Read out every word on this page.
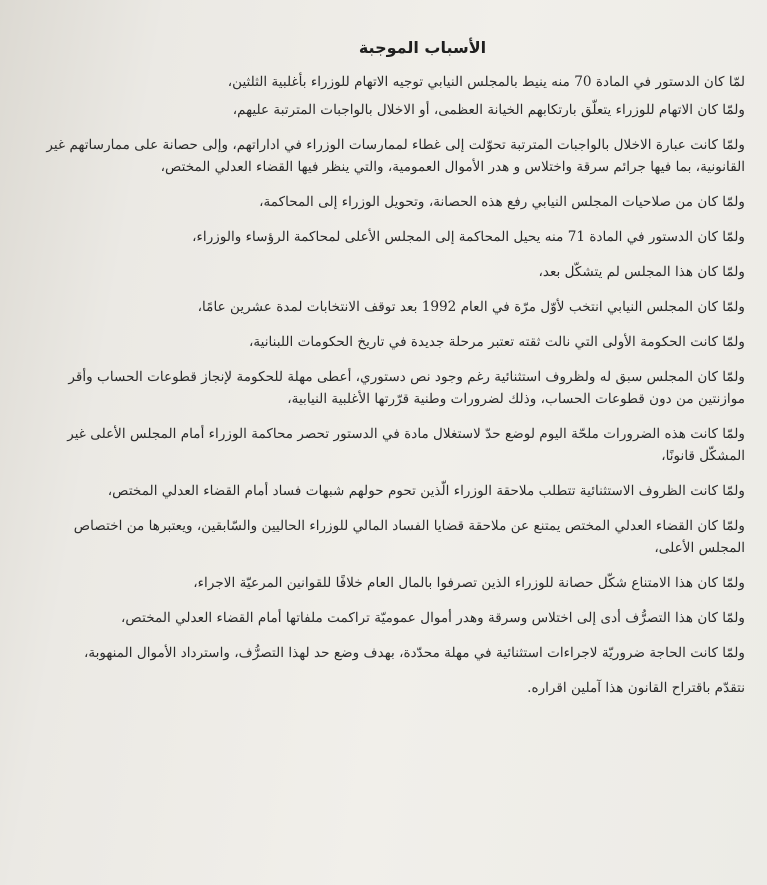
الأسباب الموجبة

لمّا كان الدستور في المادة 70 منه ينيط بالمجلس النيابي توجيه الاتهام للوزراء بأغلبية الثلثين،

ولمّا كان الاتهام للوزراء يتعلّق بارتكابهم الخيانة العظمى، أو الاخلال بالواجبات المترتبة عليهم،

ولمّا كانت عبارة الاخلال بالواجبات المترتبة تحوّلت إلى غطاء لممارسات الوزراء في اداراتهم، وإلى حصانة على ممارساتهم غير القانونية، بما فيها جرائم سرقة واختلاس و هدر الأموال العمومية، والتي ينظر فيها القضاء العدلي المختص،

ولمّا كان من صلاحيات المجلس النيابي رفع هذه الحصانة، وتحويل الوزراء إلى المحاكمة،

ولمّا كان الدستور في المادة 71 منه يحيل المحاكمة إلى المجلس الأعلى لمحاكمة الرؤساء والوزراء،

ولمّا كان هذا المجلس لم يتشكّل بعد،

ولمّا كان المجلس النيابي انتخب لأوّل مرّة في العام 1992 بعد توقف الانتخابات لمدة عشرين عامًا،

ولمّا كانت الحكومة الأولى التي نالت ثقته تعتبر مرحلة جديدة في تاريخ الحكومات اللبنانية،

ولمّا كان المجلس سبق له ولظروف استثنائية رغم وجود نص دستوري، أعطى مهلة للحكومة لإنجاز قطوعات الحساب وأقر موازنتين من دون قطوعات الحساب، وذلك لضرورات وطنية قرّرتها الأغلبية النيابية،

ولمّا كانت هذه الضرورات ملحّة اليوم لوضع حدّ لاستغلال مادة في الدستور تحصر محاكمة الوزراء أمام المجلس الأعلى غير المشكّل قانونًا،

ولمّا كانت الظروف الاستثنائية تتطلب ملاحقة الوزراء الّذين تحوم حولهم شبهات فساد أمام القضاء العدلي المختص،

ولمّا كان القضاء العدلي المختص يمتنع عن ملاحقة قضايا الفساد المالي للوزراء الحاليين والسّابقين، ويعتبرها من اختصاص المجلس الأعلى،

ولمّا كان هذا الامتناع شكّل حصانة للوزراء الذين تصرفوا بالمال العام خلافًا للقوانين المرعيّة الاجراء،

ولمّا كان هذا التصرُّف أدى إلى اختلاس وسرقة وهدر أموال عموميّة تراكمت ملفاتها أمام القضاء العدلي المختص،

ولمّا كانت الحاجة ضروريّة لاجراءات استثنائية في مهلة محدّدة، بهدف وضع حد لهذا التصرُّف، واسترداد الأموال المنهوبة،

نتقدّم باقتراح القانون هذا آملين اقراره.
